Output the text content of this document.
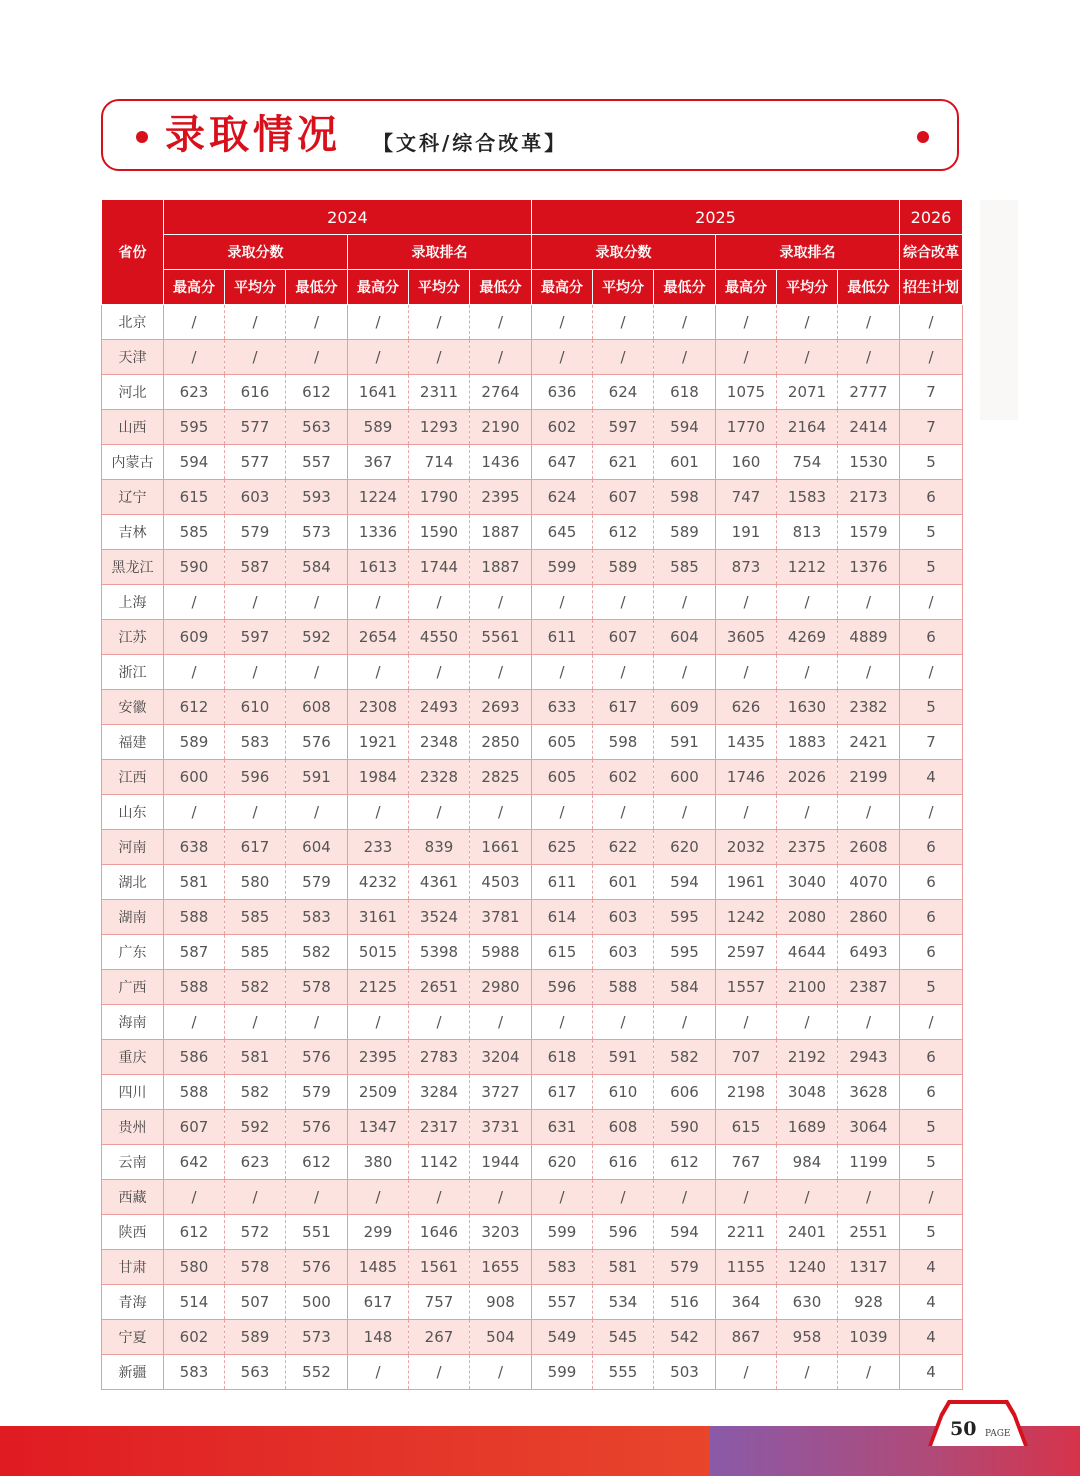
录取情况 【文科/综合改革】
省份	2024						2025						2026
	录取分数			录取排名			录取分数			录取排名			综合改革
	最高分	平均分	最低分	最高分	平均分	最低分	最高分	平均分	最低分	最高分	平均分	最低分	招生计划
北京	/	/	/	/	/	/	/	/	/	/	/	/	/
天津	/	/	/	/	/	/	/	/	/	/	/	/	/
河北	623	616	612	1641	2311	2764	636	624	618	1075	2071	2777	7
山西	595	577	563	589	1293	2190	602	597	594	1770	2164	2414	7
内蒙古	594	577	557	367	714	1436	647	621	601	160	754	1530	5
辽宁	615	603	593	1224	1790	2395	624	607	598	747	1583	2173	6
吉林	585	579	573	1336	1590	1887	645	612	589	191	813	1579	5
黑龙江	590	587	584	1613	1744	1887	599	589	585	873	1212	1376	5
上海	/	/	/	/	/	/	/	/	/	/	/	/	/
江苏	609	597	592	2654	4550	5561	611	607	604	3605	4269	4889	6
浙江	/	/	/	/	/	/	/	/	/	/	/	/	/
安徽	612	610	608	2308	2493	2693	633	617	609	626	1630	2382	5
福建	589	583	576	1921	2348	2850	605	598	591	1435	1883	2421	7
江西	600	596	591	1984	2328	2825	605	602	600	1746	2026	2199	4
山东	/	/	/	/	/	/	/	/	/	/	/	/	/
河南	638	617	604	233	839	1661	625	622	620	2032	2375	2608	6
湖北	581	580	579	4232	4361	4503	611	601	594	1961	3040	4070	6
湖南	588	585	583	3161	3524	3781	614	603	595	1242	2080	2860	6
广东	587	585	582	5015	5398	5988	615	603	595	2597	4644	6493	6
广西	588	582	578	2125	2651	2980	596	588	584	1557	2100	2387	5
海南	/	/	/	/	/	/	/	/	/	/	/	/	/
重庆	586	581	576	2395	2783	3204	618	591	582	707	2192	2943	6
四川	588	582	579	2509	3284	3727	617	610	606	2198	3048	3628	6
贵州	607	592	576	1347	2317	3731	631	608	590	615	1689	3064	5
云南	642	623	612	380	1142	1944	620	616	612	767	984	1199	5
西藏	/	/	/	/	/	/	/	/	/	/	/	/	/
陕西	612	572	551	299	1646	3203	599	596	594	2211	2401	2551	5
甘肃	580	578	576	1485	1561	1655	583	581	579	1155	1240	1317	4
青海	514	507	500	617	757	908	557	534	516	364	630	928	4
宁夏	602	589	573	148	267	504	549	545	542	867	958	1039	4
新疆	583	563	552	/	/	/	599	555	503	/	/	/	4
50 PAGE
